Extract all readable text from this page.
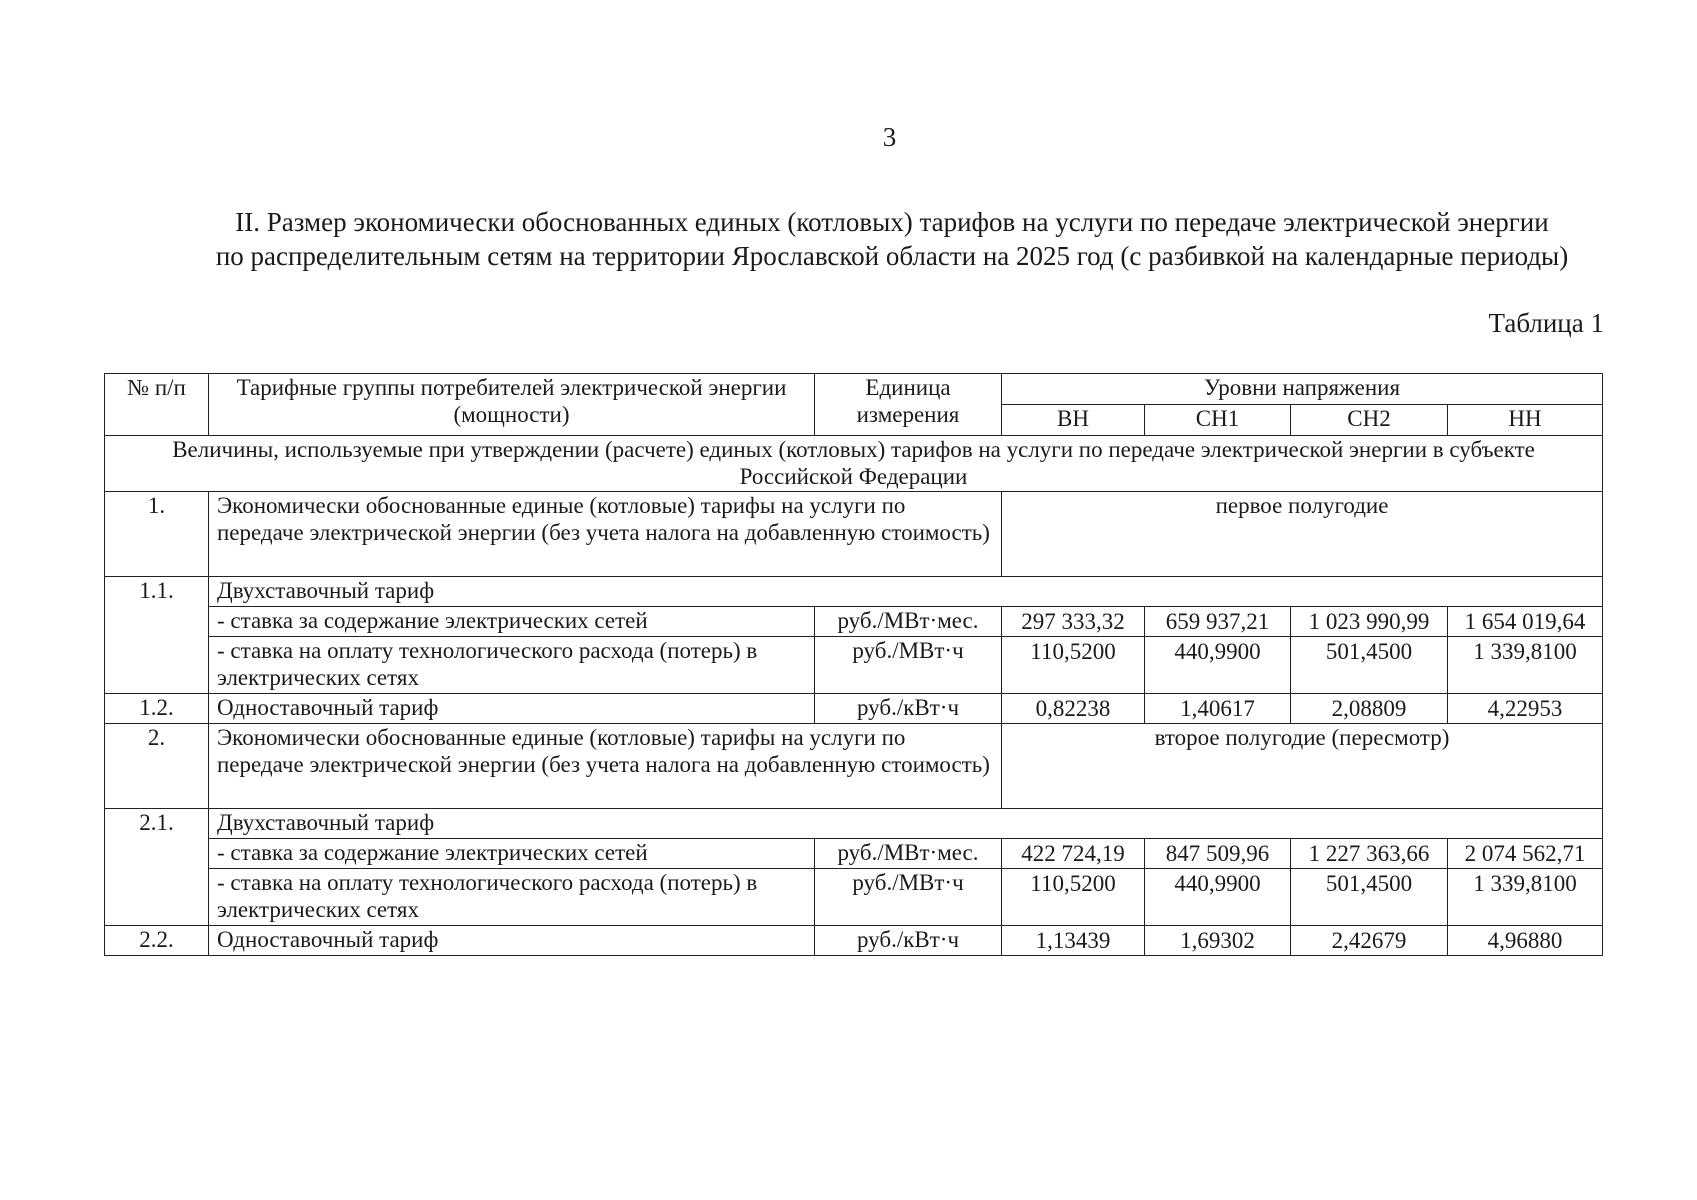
3
II. Размер экономически обоснованных единых (котловых) тарифов на услуги по передаче электрической энергии
по распределительным сетям на территории Ярославской области на 2025 год (с разбивкой на календарные периоды)
Таблица 1
№ п/п	Тарифные группы потребителей электрической энергии (мощности)	Единица измерения	Уровни напряжения			
			ВН	СН1	СН2	НН
Величины, используемые при утверждении (расчете) единых (котловых) тарифов на услуги по передаче электрической энергии в субъекте Российской Федерации						
1.	Экономически обоснованные единые (котловые) тарифы на услуги по передаче электрической энергии (без учета налога на добавленную стоимость)		первое полугодие			
1.1.	Двухставочный тариф					
	- ставка за содержание электрических сетей	руб./МВт·мес.	297 333,32	659 937,21	1 023 990,99	1 654 019,64
	- ставка на оплату технологического расхода (потерь) в электрических сетях	руб./МВт·ч	110,5200	440,9900	501,4500	1 339,8100
1.2.	Одноставочный тариф	руб./кВт·ч	0,82238	1,40617	2,08809	4,22953
2.	Экономически обоснованные единые (котловые) тарифы на услуги по передаче электрической энергии (без учета налога на добавленную стоимость)		второе полугодие (пересмотр)			
2.1.	Двухставочный тариф					
	- ставка за содержание электрических сетей	руб./МВт·мес.	422 724,19	847 509,96	1 227 363,66	2 074 562,71
	- ставка на оплату технологического расхода (потерь) в электрических сетях	руб./МВт·ч	110,5200	440,9900	501,4500	1 339,8100
2.2.	Одноставочный тариф	руб./кВт·ч	1,13439	1,69302	2,42679	4,96880
